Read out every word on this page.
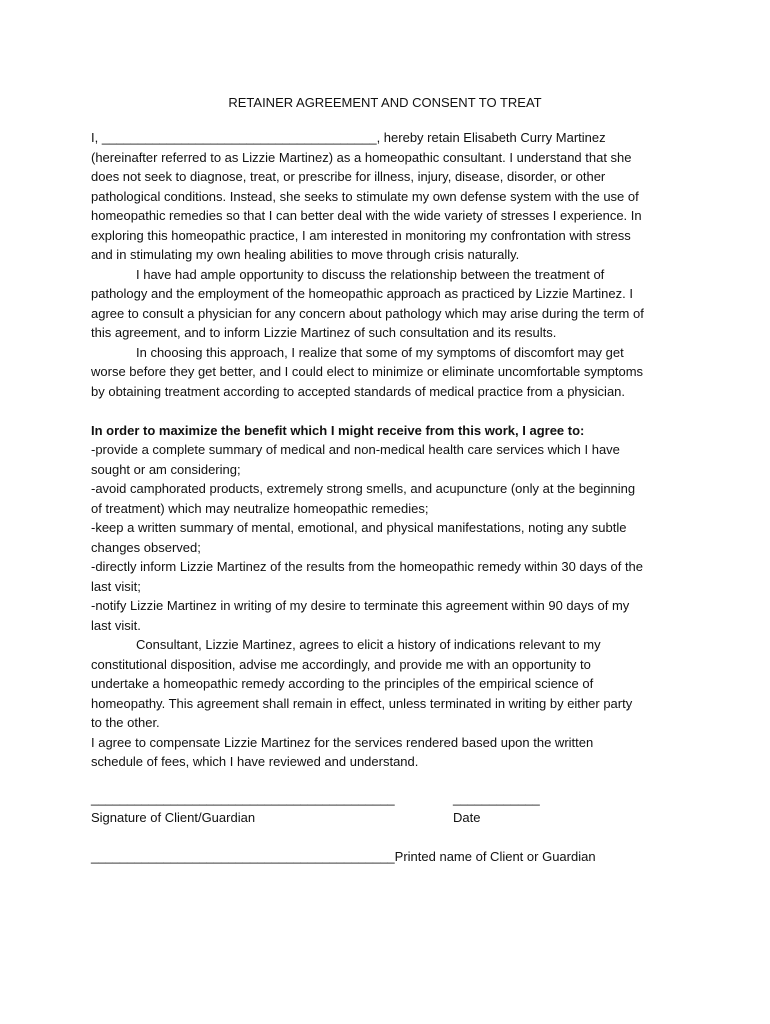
RETAINER AGREEMENT AND CONSENT TO TREAT
I, ______________________________________, hereby retain Elisabeth Curry Martinez
(hereinafter referred to as Lizzie Martinez) as a homeopathic consultant. I understand that she
does not seek to diagnose, treat, or prescribe for illness, injury, disease, disorder, or other
pathological conditions. Instead, she seeks to stimulate my own defense system with the use of
homeopathic remedies so that I can better deal with the wide variety of stresses I experience. In
exploring this homeopathic practice, I am interested in monitoring my confrontation with stress
and in stimulating my own healing abilities to move through crisis naturally.
I have had ample opportunity to discuss the relationship between the treatment of
pathology and the employment of the homeopathic approach as practiced by Lizzie Martinez. I
agree to consult a physician for any concern about pathology which may arise during the term of
this agreement, and to inform Lizzie Martinez of such consultation and its results.
In choosing this approach, I realize that some of my symptoms of discomfort may get
worse before they get better, and I could elect to minimize or eliminate uncomfortable symptoms
by obtaining treatment according to accepted standards of medical practice from a physician.
In order to maximize the benefit which I might receive from this work, I agree to:
-provide a complete summary of medical and non-medical health care services which I have
sought or am considering;
-avoid camphorated products, extremely strong smells, and acupuncture (only at the beginning
of treatment) which may neutralize homeopathic remedies;
-keep a written summary of mental, emotional, and physical manifestations, noting any subtle
changes observed;
-directly inform Lizzie Martinez of the results from the homeopathic remedy within 30 days of the
last visit;
-notify Lizzie Martinez in writing of my desire to terminate this agreement within 90 days of my
last visit.
Consultant, Lizzie Martinez, agrees to elicit a history of indications relevant to my
constitutional disposition, advise me accordingly, and provide me with an opportunity to
undertake a homeopathic remedy according to the principles of the empirical science of
homeopathy. This agreement shall remain in effect, unless terminated in writing by either party
to the other.
I agree to compensate Lizzie Martinez for the services rendered based upon the written
schedule of fees, which I have reviewed and understand.
__________________________________________
Signature of Client/Guardian
____________
Date
__________________________________________Printed name of Client or Guardian
